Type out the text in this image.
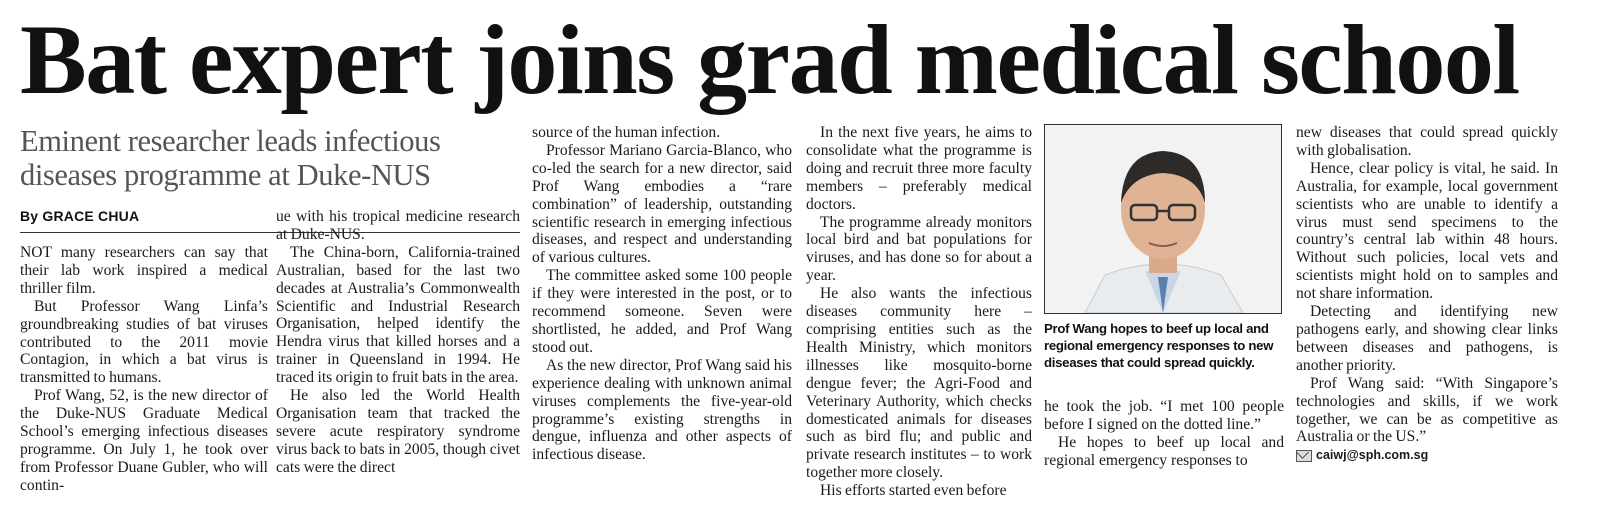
Bat expert joins grad medical school
Eminent researcher leads infectious diseases programme at Duke-NUS
By GRACE CHUA

NOT many researchers can say that their lab work inspired a medical thriller film.

But Professor Wang Linfa’s groundbreaking studies of bat viruses contributed to the 2011 movie Contagion, in which a bat virus is transmitted to humans.

Prof Wang, 52, is the new director of the Duke-NUS Graduate Medical School’s emerging infectious diseases programme. On July 1, he took over from Professor Duane Gubler, who will contin-

ue with his tropical medicine research at Duke-NUS.

The China-born, California-trained Australian, based for the last two decades at Australia’s Commonwealth Scientific and Industrial Research Organisation, helped identify the Hendra virus that killed horses and a trainer in Queensland in 1994. He traced its origin to fruit bats in the area.

He also led the World Health Organisation team that tracked the severe acute respiratory syndrome virus back to bats in 2005, though civet cats were the direct

source of the human infection.

Professor Mariano Garcia-Blanco, who co-led the search for a new director, said Prof Wang embodies a “rare combination” of leadership, outstanding scientific research in emerging infectious diseases, and respect and understanding of various cultures.

The committee asked some 100 people if they were interested in the post, or to recommend someone. Seven were shortlisted, he added, and Prof Wang stood out.

As the new director, Prof Wang said his experience dealing with unknown animal viruses complements the five-year-old programme’s existing strengths in dengue, influenza and other aspects of infectious disease.

In the next five years, he aims to consolidate what the programme is doing and recruit three more faculty members – preferably medical doctors.

The programme already monitors local bird and bat populations for viruses, and has done so for about a year.

He also wants the infectious diseases community here – comprising entities such as the Health Ministry, which monitors illnesses like mosquito-borne dengue fever; the Agri-Food and Veterinary Authority, which checks domesticated animals for diseases such as bird flu; and public and private research institutes – to work together more closely.

His efforts started even before

Prof Wang hopes to beef up local and regional emergency responses to new diseases that could spread quickly.

he took the job. “I met 100 people before I signed on the dotted line.”

He hopes to beef up local and regional emergency responses to

new diseases that could spread quickly with globalisation.

Hence, clear policy is vital, he said. In Australia, for example, local government scientists who are unable to identify a virus must send specimens to the country’s central lab within 48 hours. Without such policies, local vets and scientists might hold on to samples and not share information.

Detecting and identifying new pathogens early, and showing clear links between diseases and pathogens, is another priority.

Prof Wang said: “With Singapore’s technologies and skills, if we work together, we can be as competitive as Australia or the US.”

caiwj@sph.com.sg
